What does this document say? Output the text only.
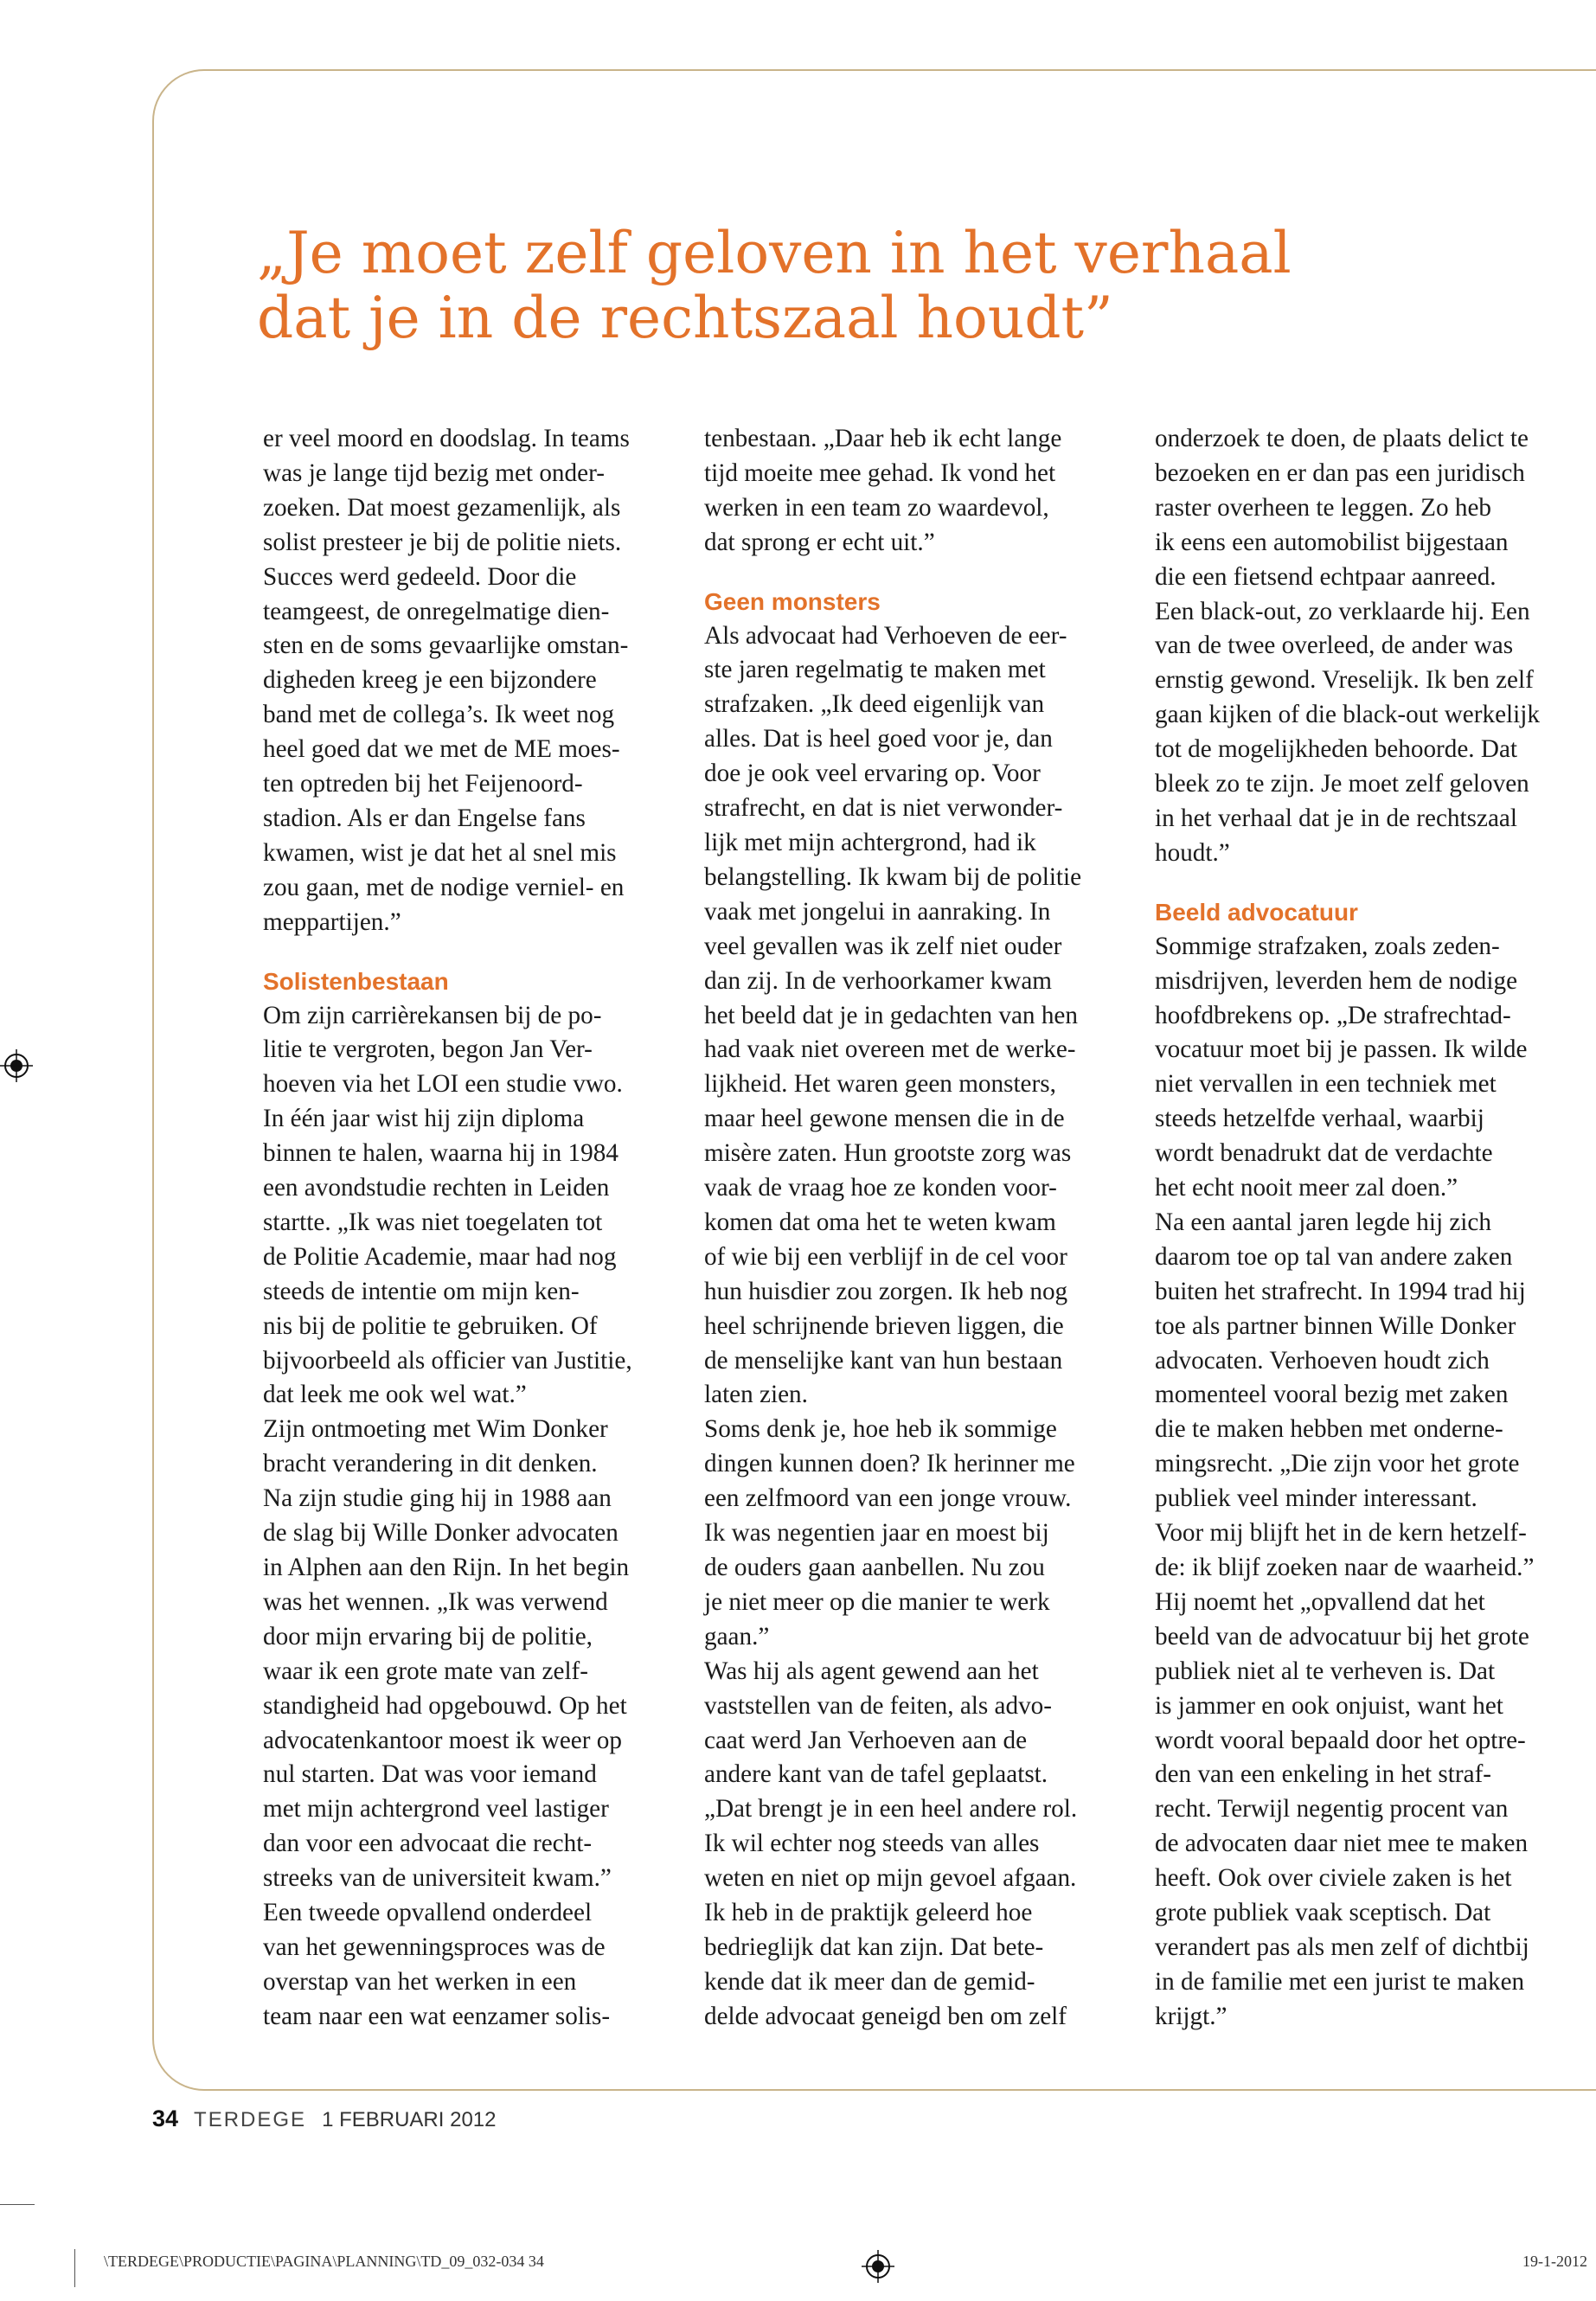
„Je moet zelf geloven in het verhaal
dat je in de rechtszaal houdt”

er veel moord en doodslag. In teams
was je lange tijd bezig met onder-
zoeken. Dat moest gezamenlijk, als
solist presteer je bij de politie niets.
Succes werd gedeeld. Door die
teamgeest, de onregelmatige dien-
sten en de soms gevaarlijke omstan-
digheden kreeg je een bijzondere
band met de collega’s. Ik weet nog
heel goed dat we met de ME moes-
ten optreden bij het Feijenoord-
stadion. Als er dan Engelse fans
kwamen, wist je dat het al snel mis
zou gaan, met de nodige verniel- en
meppartijen.”

Solistenbestaan

Om zijn carrièrekansen bij de po-
litie te vergroten, begon Jan Ver-
hoeven via het LOI een studie vwo.
In één jaar wist hij zijn diploma
binnen te halen, waarna hij in 1984
een avondstudie rechten in Leiden
startte. „Ik was niet toegelaten tot
de Politie Academie, maar had nog
steeds de intentie om mijn ken-
nis bij de politie te gebruiken. Of
bijvoorbeeld als officier van Justitie,
dat leek me ook wel wat.”
Zijn ontmoeting met Wim Donker
bracht verandering in dit denken.
Na zijn studie ging hij in 1988 aan
de slag bij Wille Donker advocaten
in Alphen aan den Rijn. In het begin
was het wennen. „Ik was verwend
door mijn ervaring bij de politie,
waar ik een grote mate van zelf-
standigheid had opgebouwd. Op het
advocatenkantoor moest ik weer op
nul starten. Dat was voor iemand
met mijn achtergrond veel lastiger
dan voor een advocaat die recht-
streeks van de universiteit kwam.”
Een tweede opvallend onderdeel
van het gewenningsproces was de
overstap van het werken in een
team naar een wat eenzamer solis-

tenbestaan. „Daar heb ik echt lange
tijd moeite mee gehad. Ik vond het
werken in een team zo waardevol,
dat sprong er echt uit.”

Geen monsters

Als advocaat had Verhoeven de eer-
ste jaren regelmatig te maken met
strafzaken. „Ik deed eigenlijk van
alles. Dat is heel goed voor je, dan
doe je ook veel ervaring op. Voor
strafrecht, en dat is niet verwonder-
lijk met mijn achtergrond, had ik
belangstelling. Ik kwam bij de politie
vaak met jongelui in aanraking. In
veel gevallen was ik zelf niet ouder
dan zij. In de verhoorkamer kwam
het beeld dat je in gedachten van hen
had vaak niet overeen met de werke-
lijkheid. Het waren geen monsters,
maar heel gewone mensen die in de
misère zaten. Hun grootste zorg was
vaak de vraag hoe ze konden voor-
komen dat oma het te weten kwam
of wie bij een verblijf in de cel voor
hun huisdier zou zorgen. Ik heb nog
heel schrijnende brieven liggen, die
de menselijke kant van hun bestaan
laten zien.
Soms denk je, hoe heb ik sommige
dingen kunnen doen? Ik herinner me
een zelfmoord van een jonge vrouw.
Ik was negentien jaar en moest bij
de ouders gaan aanbellen. Nu zou
je niet meer op die manier te werk
gaan.”
Was hij als agent gewend aan het
vaststellen van de feiten, als advo-
caat werd Jan Verhoeven aan de
andere kant van de tafel geplaatst.
„Dat brengt je in een heel andere rol.
Ik wil echter nog steeds van alles
weten en niet op mijn gevoel afgaan.
Ik heb in de praktijk geleerd hoe
bedrieglijk dat kan zijn. Dat bete-
kende dat ik meer dan de gemid-
delde advocaat geneigd ben om zelf

onderzoek te doen, de plaats delict te
bezoeken en er dan pas een juridisch
raster overheen te leggen. Zo heb
ik eens een automobilist bijgestaan
die een fietsend echtpaar aanreed.
Een black-out, zo verklaarde hij. Een
van de twee overleed, de ander was
ernstig gewond. Vreselijk. Ik ben zelf
gaan kijken of die black-out werkelijk
tot de mogelijkheden behoorde. Dat
bleek zo te zijn. Je moet zelf geloven
in het verhaal dat je in de rechtszaal
houdt.”

Beeld advocatuur

Sommige strafzaken, zoals zeden-
misdrijven, leverden hem de nodige
hoofdbrekens op. „De strafrechtad-
vocatuur moet bij je passen. Ik wilde
niet vervallen in een techniek met
steeds hetzelfde verhaal, waarbij
wordt benadrukt dat de verdachte
het echt nooit meer zal doen.”
Na een aantal jaren legde hij zich
daarom toe op tal van andere zaken
buiten het strafrecht. In 1994 trad hij
toe als partner binnen Wille Donker
advocaten. Verhoeven houdt zich
momenteel vooral bezig met zaken
die te maken hebben met onderne-
mingsrecht. „Die zijn voor het grote
publiek veel minder interessant.
Voor mij blijft het in de kern hetzelf-
de: ik blijf zoeken naar de waarheid.”
Hij noemt het „opvallend dat het
beeld van de advocatuur bij het grote
publiek niet al te verheven is. Dat
is jammer en ook onjuist, want het
wordt vooral bepaald door het optre-
den van een enkeling in het straf-
recht. Terwijl negentig procent van
de advocaten daar niet mee te maken
heeft. Ook over civiele zaken is het
grote publiek vaak sceptisch. Dat
verandert pas als men zelf of dichtbij
in de familie met een jurist te maken
krijgt.”

34 TERDEGE 1 FEBRUARI 2012
\TERDEGE\PRODUCTIE\PAGINA\PLANNING\TD_09_032-034 34	19-1-2012
